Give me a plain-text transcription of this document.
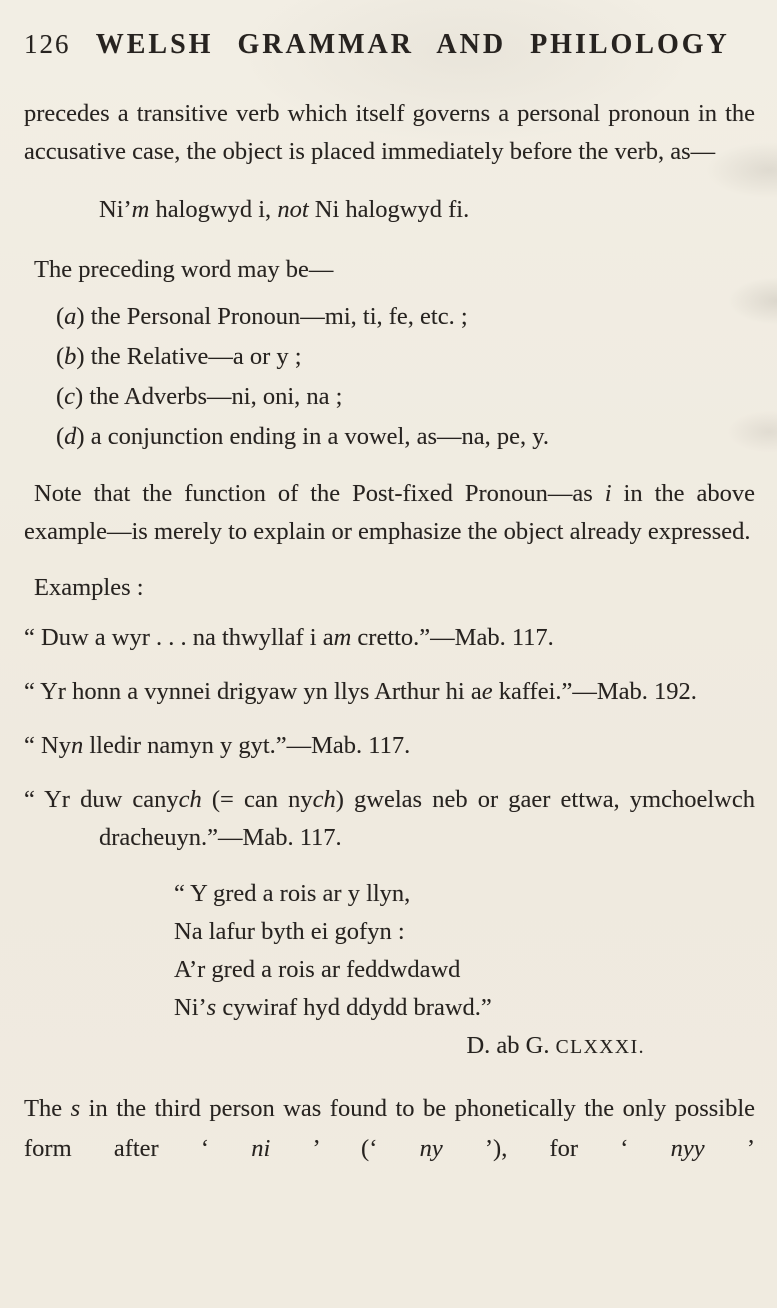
126 WELSH GRAMMAR AND PHILOLOGY

precedes a transitive verb which itself governs a personal pronoun in the accusative case, the object is placed immediately before the verb, as—

Ni’m halogwyd i, not Ni halogwyd fi.

The preceding word may be—

(a) the Personal Pronoun—mi, ti, fe, etc. ;
(b) the Relative—a or y ;
(c) the Adverbs—ni, oni, na ;
(d) a conjunction ending in a vowel, as—na, pe, y.

Note that the function of the Post-fixed Pronoun—as i in the above example—is merely to explain or emphasize the object already expressed.

Examples :

“ Duw a wyr . . . na thwyllaf i am cretto.”—Mab. 117.

“ Yr honn a vynnei drigyaw yn llys Arthur hi ae kaffei.”—Mab. 192.

“ Nyn lledir namyn y gyt.”—Mab. 117.

“ Yr duw canych (= can nych) gwelas neb or gaer ettwa, ymchoelwch dracheuyn.”—Mab. 117.

“ Y gred a rois ar y llyn,
Na lafur byth ei gofyn :
A’r gred a rois ar feddwdawd
Ni’s cywiraf hyd ddydd brawd.”
D. ab G. CLXXXI.

The s in the third person was found to be phonetically the only possible form after ‘ ni ’ (‘ ny ’), for ‘ nyy ’
